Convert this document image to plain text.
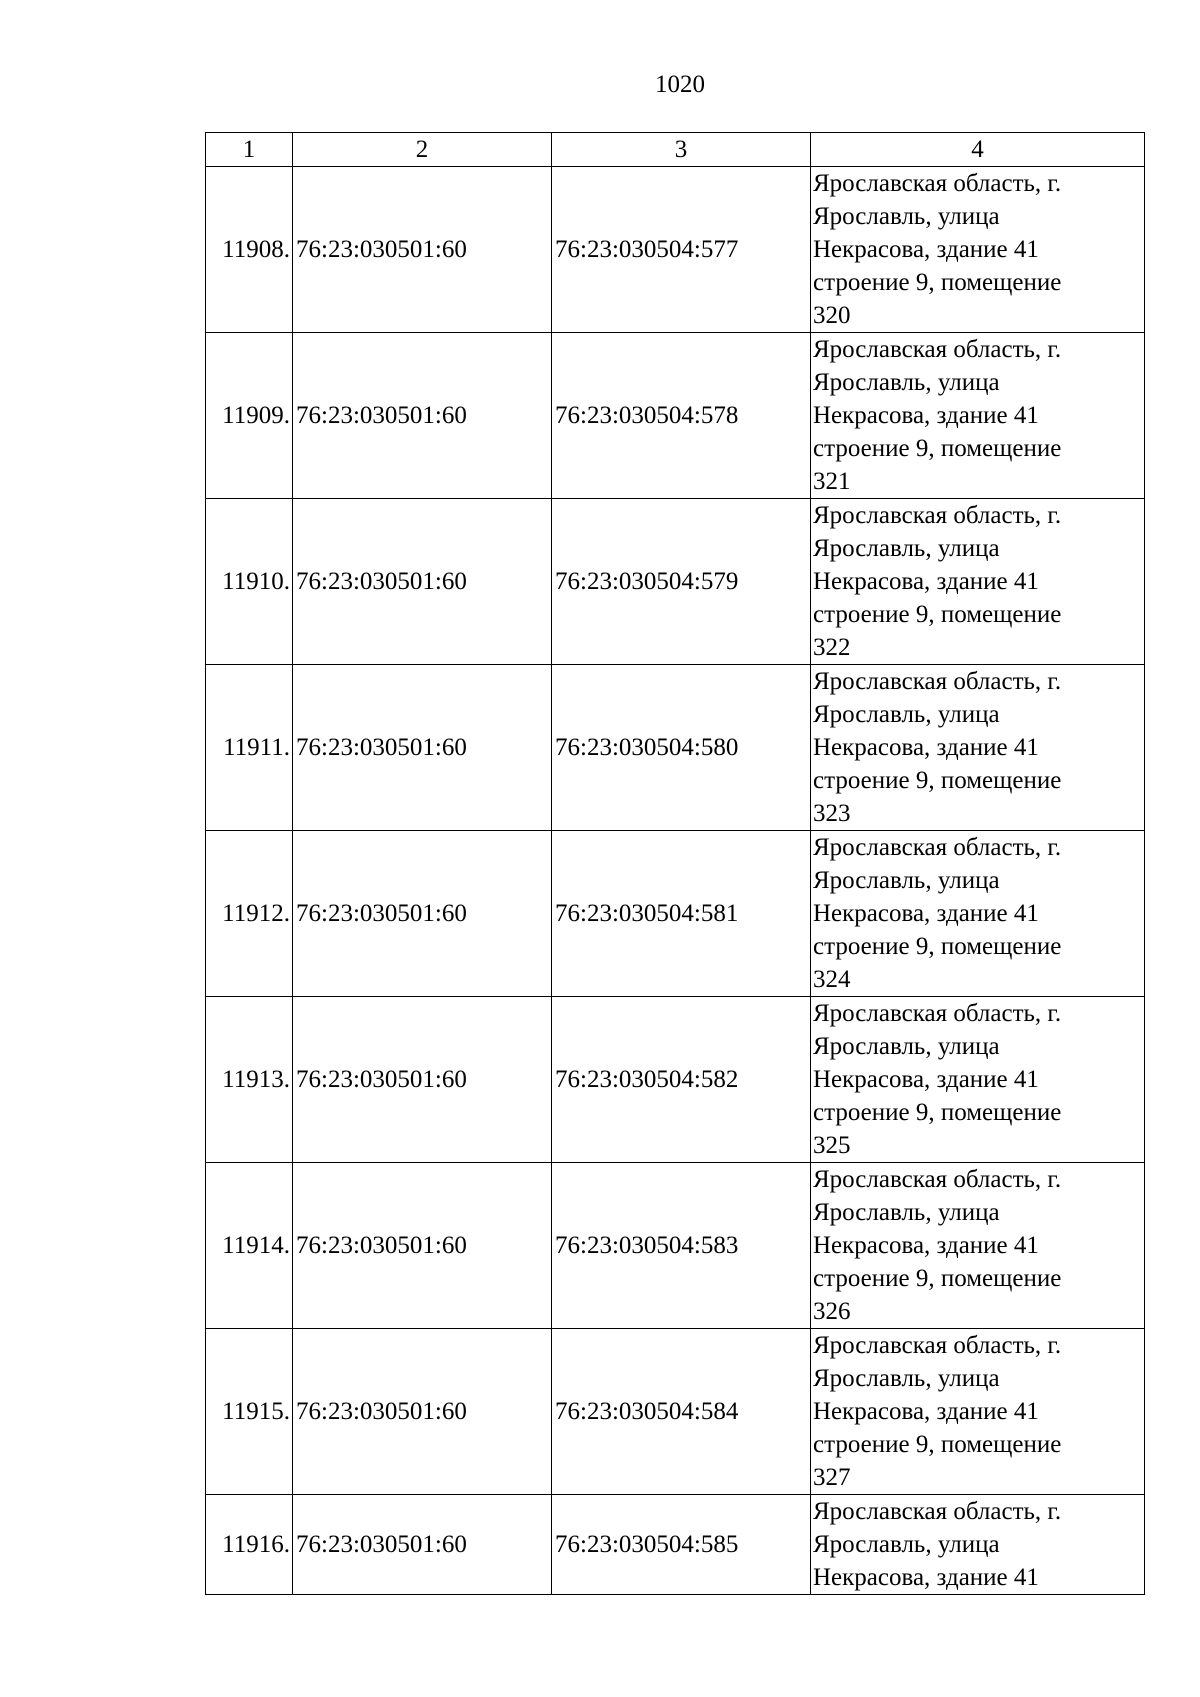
1020
1	2	3	4
11908.	76:23:030501:60	76:23:030504:577	Ярославская область, г.
Ярославль, улица
Некрасова, здание 41
строение 9, помещение
320

11909.	76:23:030501:60	76:23:030504:578	Ярославская область, г.
Ярославль, улица
Некрасова, здание 41
строение 9, помещение
321

11910.	76:23:030501:60	76:23:030504:579	Ярославская область, г.
Ярославль, улица
Некрасова, здание 41
строение 9, помещение
322

11911.	76:23:030501:60	76:23:030504:580	Ярославская область, г.
Ярославль, улица
Некрасова, здание 41
строение 9, помещение
323

11912.	76:23:030501:60	76:23:030504:581	Ярославская область, г.
Ярославль, улица
Некрасова, здание 41
строение 9, помещение
324

11913.	76:23:030501:60	76:23:030504:582	Ярославская область, г.
Ярославль, улица
Некрасова, здание 41
строение 9, помещение
325

11914.	76:23:030501:60	76:23:030504:583	Ярославская область, г.
Ярославль, улица
Некрасова, здание 41
строение 9, помещение
326

11915.	76:23:030501:60	76:23:030504:584	Ярославская область, г.
Ярославль, улица
Некрасова, здание 41
строение 9, помещение
327

11916.	76:23:030501:60	76:23:030504:585	Ярославская область, г.
Ярославль, улица
Некрасова, здание 41
